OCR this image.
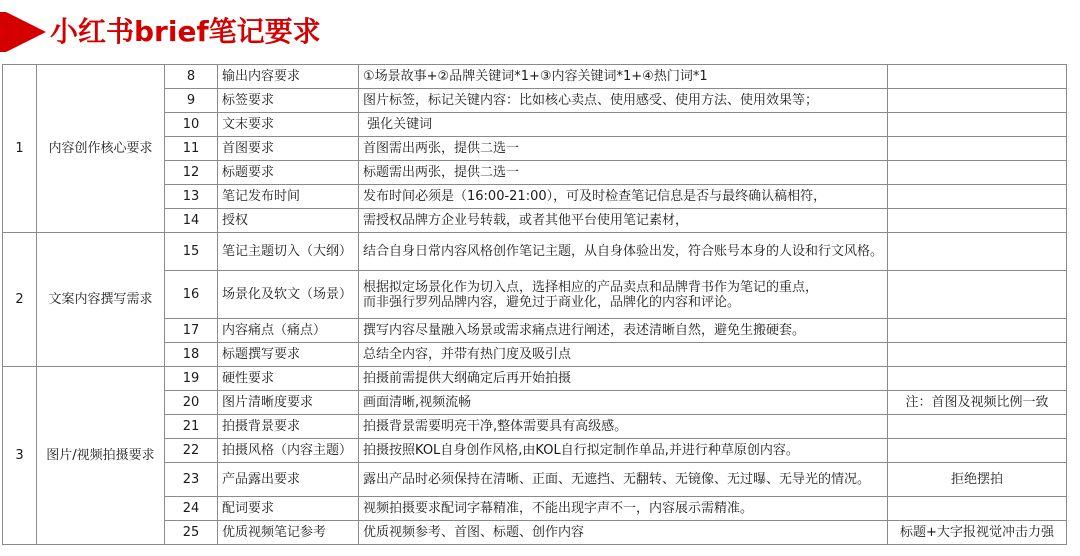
小红书brief笔记要求
1	内容创作核心要求	8	输出内容要求	①场景故事+②品牌关键词*1+③内容关键词*1+④热门词*1	
		9	标签要求	图片标签，标记关键内容：比如核心卖点、使用感受、使用方法、使用效果等；	
		10	文末要求	强化关键词	
		11	首图要求	首图需出两张，提供二选一	
		12	标题要求	标题需出两张，提供二选一	
		13	笔记发布时间	发布时间必须是（16:00-21:00），可及时检查笔记信息是否与最终确认稿相符，	
		14	授权	需授权品牌方企业号转载，或者其他平台使用笔记素材，	
2	文案内容撰写需求	15	笔记主题切入（大纲）	结合自身日常内容风格创作笔记主题，从自身体验出发，符合账号本身的人设和行文风格。	
		16	场景化及软文（场景）	根据拟定场景化作为切入点，选择相应的产品卖点和品牌背书作为笔记的重点，
而非强行罗列品牌内容，避免过于商业化，品牌化的内容和评论。	

		17	内容痛点（痛点）	撰写内容尽量融入场景或需求痛点进行阐述，表述清晰自然，避免生搬硬套。	
		18	标题撰写要求	总结全内容，并带有热门度及吸引点	
3	图片/视频拍摄要求	19	硬性要求	拍摄前需提供大纲确定后再开始拍摄	
		20	图片清晰度要求	画面清晰,视频流畅	注：首图及视频比例一致
		21	拍摄背景要求	拍摄背景需要明亮干净,整体需要具有高级感。	
		22	拍摄风格（内容主题）	拍摄按照KOL自身创作风格,由KOL自行拟定制作单品,并进行种草原创内容。	
		23	产品露出要求	露出产品时必须保持在清晰、正面、无遮挡、无翻转、无镜像、无过曝、无导光的情况。	拒绝摆拍
		24	配词要求	视频拍摄要求配词字幕精准，不能出现字声不一，内容展示需精准。	
		25	优质视频笔记参考	优质视频参考、首图、标题、创作内容	标题+大字报视觉冲击力强
